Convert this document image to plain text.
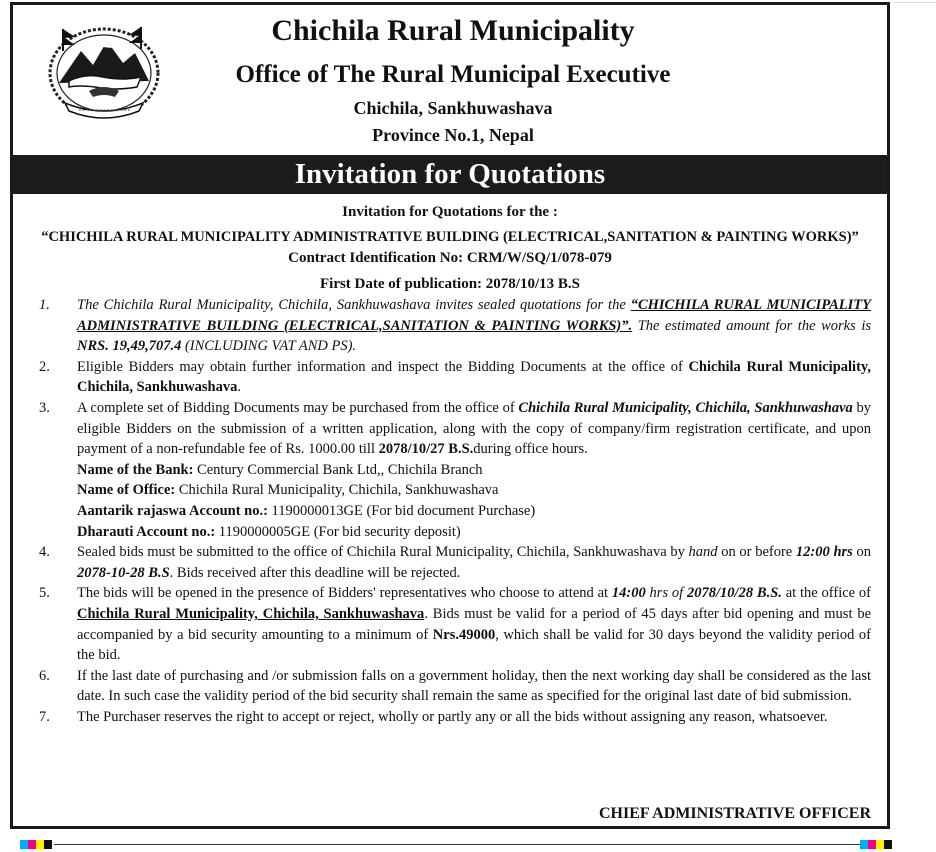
Chichila Rural Municipality
Office of The Rural Municipal Executive
Chichila, Sankhuwashava
Province No.1, Nepal
Invitation for Quotations
Invitation for Quotations for the :
“CHICHILA RURAL MUNICIPALITY ADMINISTRATIVE BUILDING (ELECTRICAL,SANITATION & PAINTING WORKS)”
Contract Identification No: CRM/W/SQ/1/078-079
First Date of publication: 2078/10/13 B.S
1. The Chichila Rural Municipality, Chichila, Sankhuwashava invites sealed quotations for the “CHICHILA RURAL MUNICIPALITY ADMINISTRATIVE BUILDING (ELECTRICAL,SANITATION & PAINTING WORKS)”. The estimated amount for the works is NRS. 19,49,707.4 (INCLUDING VAT AND PS).
2. Eligible Bidders may obtain further information and inspect the Bidding Documents at the office of Chichila Rural Municipality, Chichila, Sankhuwashava.
3. A complete set of Bidding Documents may be purchased from the office of Chichila Rural Municipality, Chichila, Sankhuwashava by eligible Bidders on the submission of a written application, along with the copy of company/firm registration certificate, and upon payment of a non-refundable fee of Rs. 1000.00 till 2078/10/27 B.S.during office hours.
Name of the Bank: Century Commercial Bank Ltd,, Chichila Branch
Name of Office: Chichila Rural Municipality, Chichila, Sankhuwashava
Aantarik rajaswa Account no.: 1190000013GE (For bid document Purchase)
Dharauti Account no.: 1190000005GE (For bid security deposit)
4. Sealed bids must be submitted to the office of Chichila Rural Municipality, Chichila, Sankhuwashava by hand on or before 12:00 hrs on 2078-10-28 B.S. Bids received after this deadline will be rejected.
5. The bids will be opened in the presence of Bidders' representatives who choose to attend at 14:00 hrs of 2078/10/28 B.S. at the office of Chichila Rural Municipality, Chichila, Sankhuwashava. Bids must be valid for a period of 45 days after bid opening and must be accompanied by a bid security amounting to a minimum of Nrs.49000, which shall be valid for 30 days beyond the validity period of the bid.
6. If the last date of purchasing and /or submission falls on a government holiday, then the next working day shall be considered as the last date. In such case the validity period of the bid security shall remain the same as specified for the original last date of bid submission.
7. The Purchaser reserves the right to accept or reject, wholly or partly any or all the bids without assigning any reason, whatsoever.
CHIEF ADMINISTRATIVE OFFICER
